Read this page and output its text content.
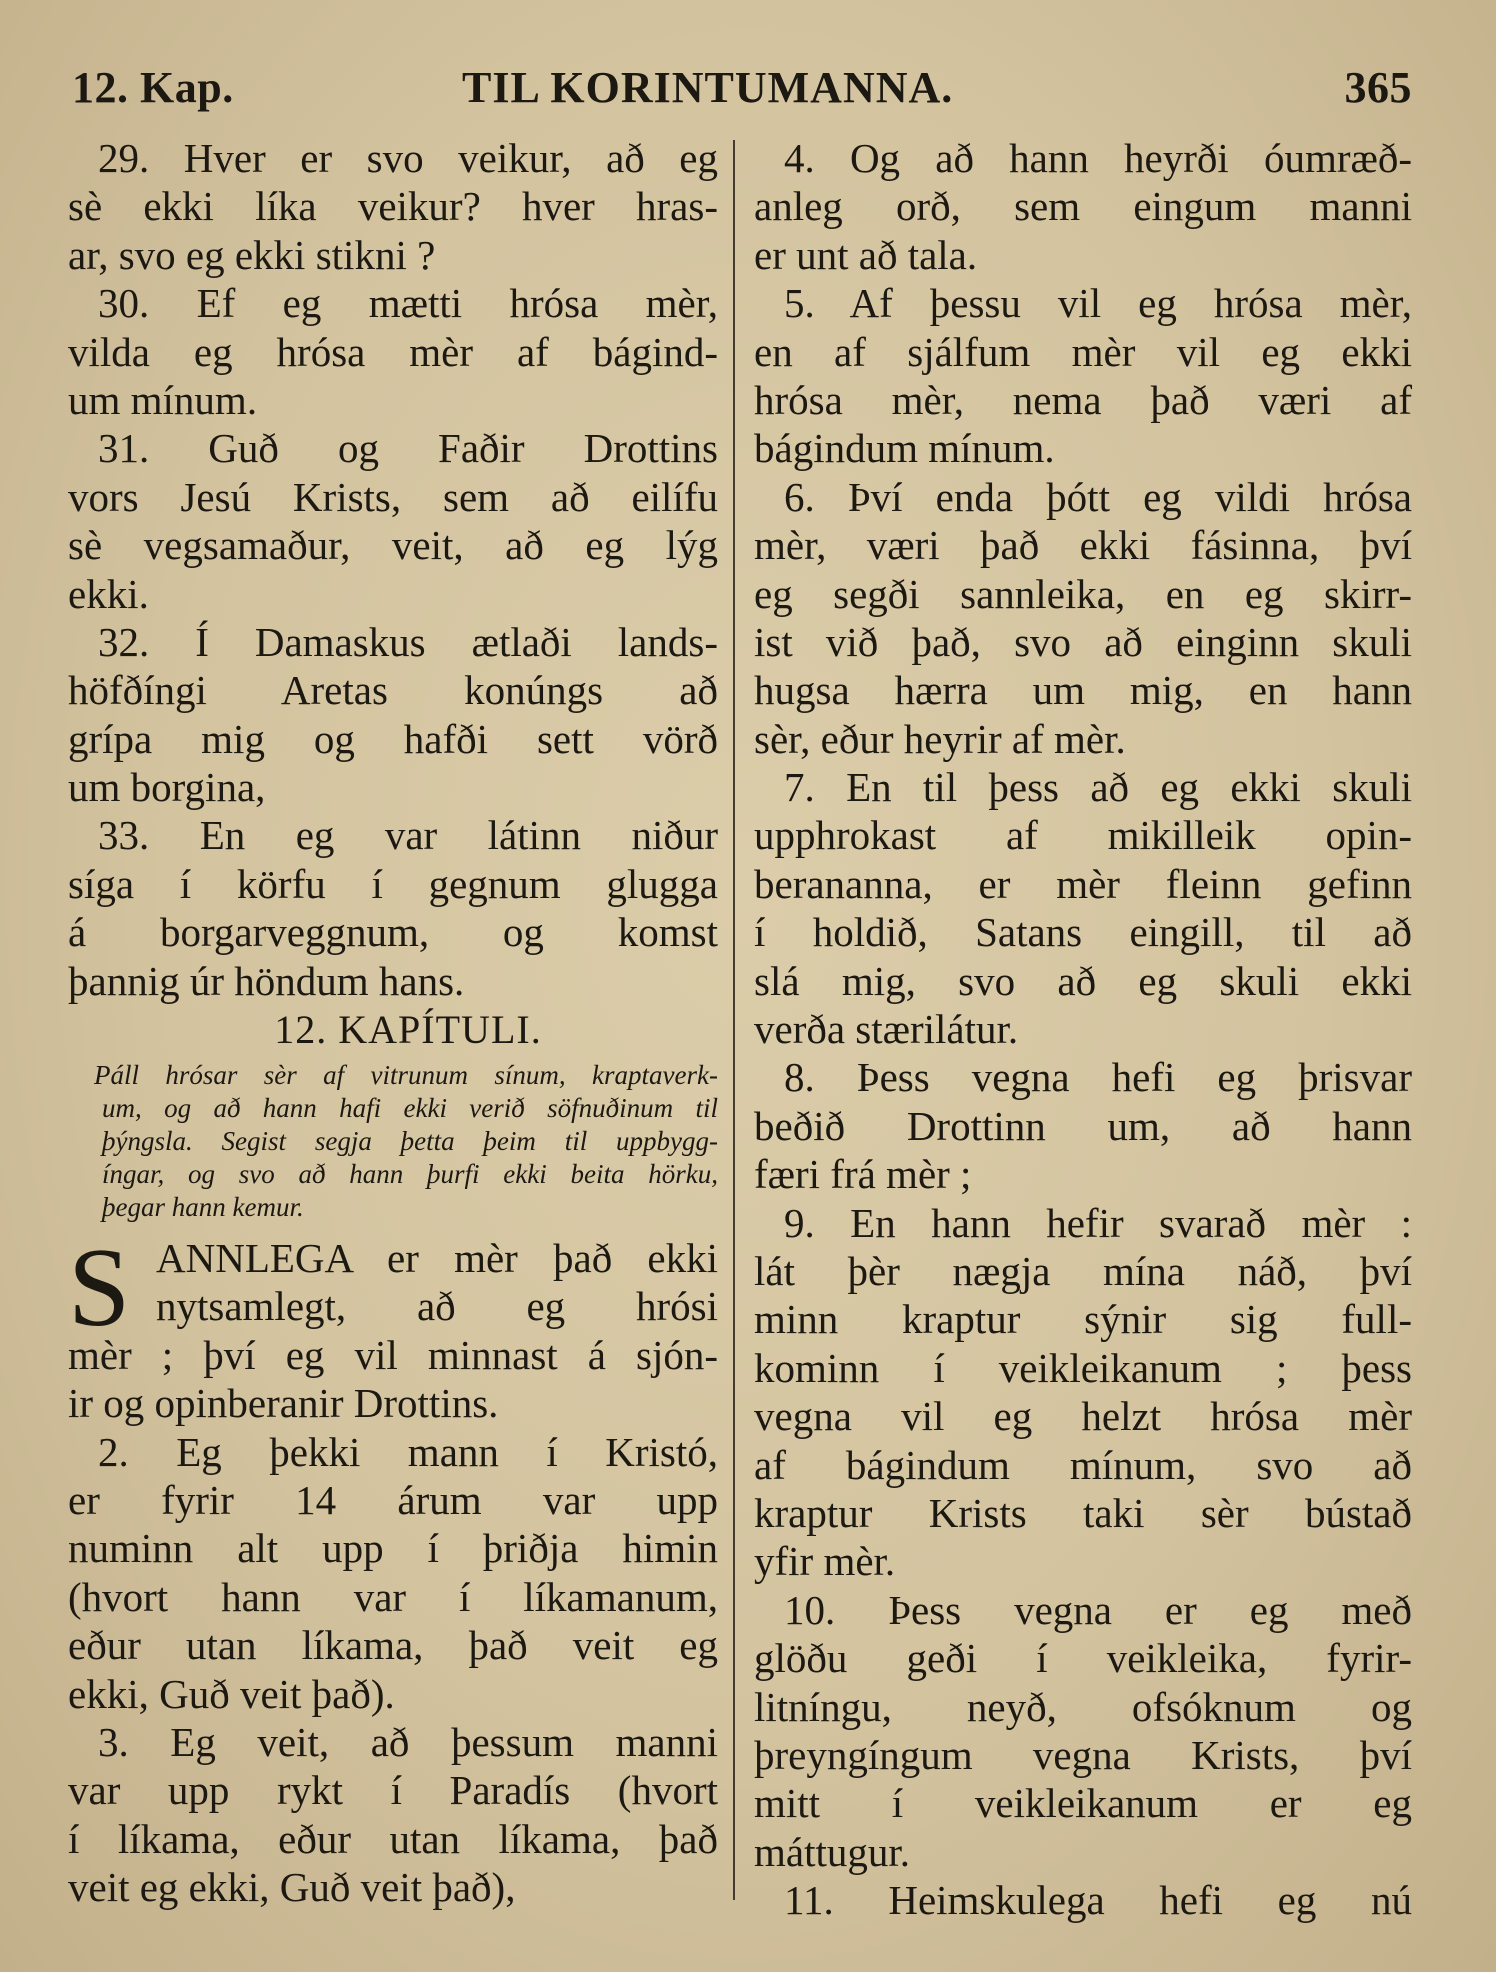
12. Kap.	TIL KORINTUMANNA.	365
29. Hver er svo veikur, að eg
sè ekki líka veikur? hver hras-
ar, svo eg ekki stikni ?
30. Ef eg mætti hrósa mèr,
vilda eg hrósa mèr af bágind-
um mínum.
31. Guð og Faðir Drottins
vors Jesú Krists, sem að eilífu
sè vegsamaður, veit, að eg lýg
ekki.
32. Í Damaskus ætlaði lands-
höfðíngi Aretas konúngs að
grípa mig og hafði sett vörð
um borgina,
33. En eg var látinn niður
síga í körfu í gegnum glugga
á borgarveggnum, og komst
þannig úr höndum hans.
12. KAPÍTULI.
Páll hrósar sèr af vitrunum sínum, kraptaverk-
um, og að hann hafi ekki verið söfnuðinum til
þýngsla. Segist segja þetta þeim til uppbygg-
íngar, og svo að hann þurfi ekki beita hörku,
þegar hann kemur.
S ANNLEGA er mèr það ekki
nytsamlegt, að eg hrósi
mèr ; því eg vil minnast á sjón-
ir og opinberanir Drottins.
2. Eg þekki mann í Kristó,
er fyrir 14 árum var upp
numinn alt upp í þriðja himin
(hvort hann var í líkamanum,
eður utan líkama, það veit eg
ekki, Guð veit það).
3. Eg veit, að þessum manni
var upp rykt í Paradís (hvort
í líkama, eður utan líkama, það
veit eg ekki, Guð veit það),
4. Og að hann heyrði óumræð-
anleg orð, sem eingum manni
er unt að tala.
5. Af þessu vil eg hrósa mèr,
en af sjálfum mèr vil eg ekki
hrósa mèr, nema það væri af
bágindum mínum.
6. Því enda þótt eg vildi hrósa
mèr, væri það ekki fásinna, því
eg segði sannleika, en eg skirr-
ist við það, svo að einginn skuli
hugsa hærra um mig, en hann
sèr, eður heyrir af mèr.
7. En til þess að eg ekki skuli
upphrokast af mikilleik opin-
berananna, er mèr fleinn gefinn
í holdið, Satans eingill, til að
slá mig, svo að eg skuli ekki
verða stærilátur.
8. Þess vegna hefi eg þrisvar
beðið Drottinn um, að hann
færi frá mèr ;
9. En hann hefir svarað mèr :
lát þèr nægja mína náð, því
minn kraptur sýnir sig full-
kominn í veikleikanum ; þess
vegna vil eg helzt hrósa mèr
af bágindum mínum, svo að
kraptur Krists taki sèr bústað
yfir mèr.
10. Þess vegna er eg með
glöðu geði í veikleika, fyrir-
litníngu, neyð, ofsóknum og
þreyngíngum vegna Krists, því
mitt í veikleikanum er eg
máttugur.
11. Heimskulega hefi eg nú
